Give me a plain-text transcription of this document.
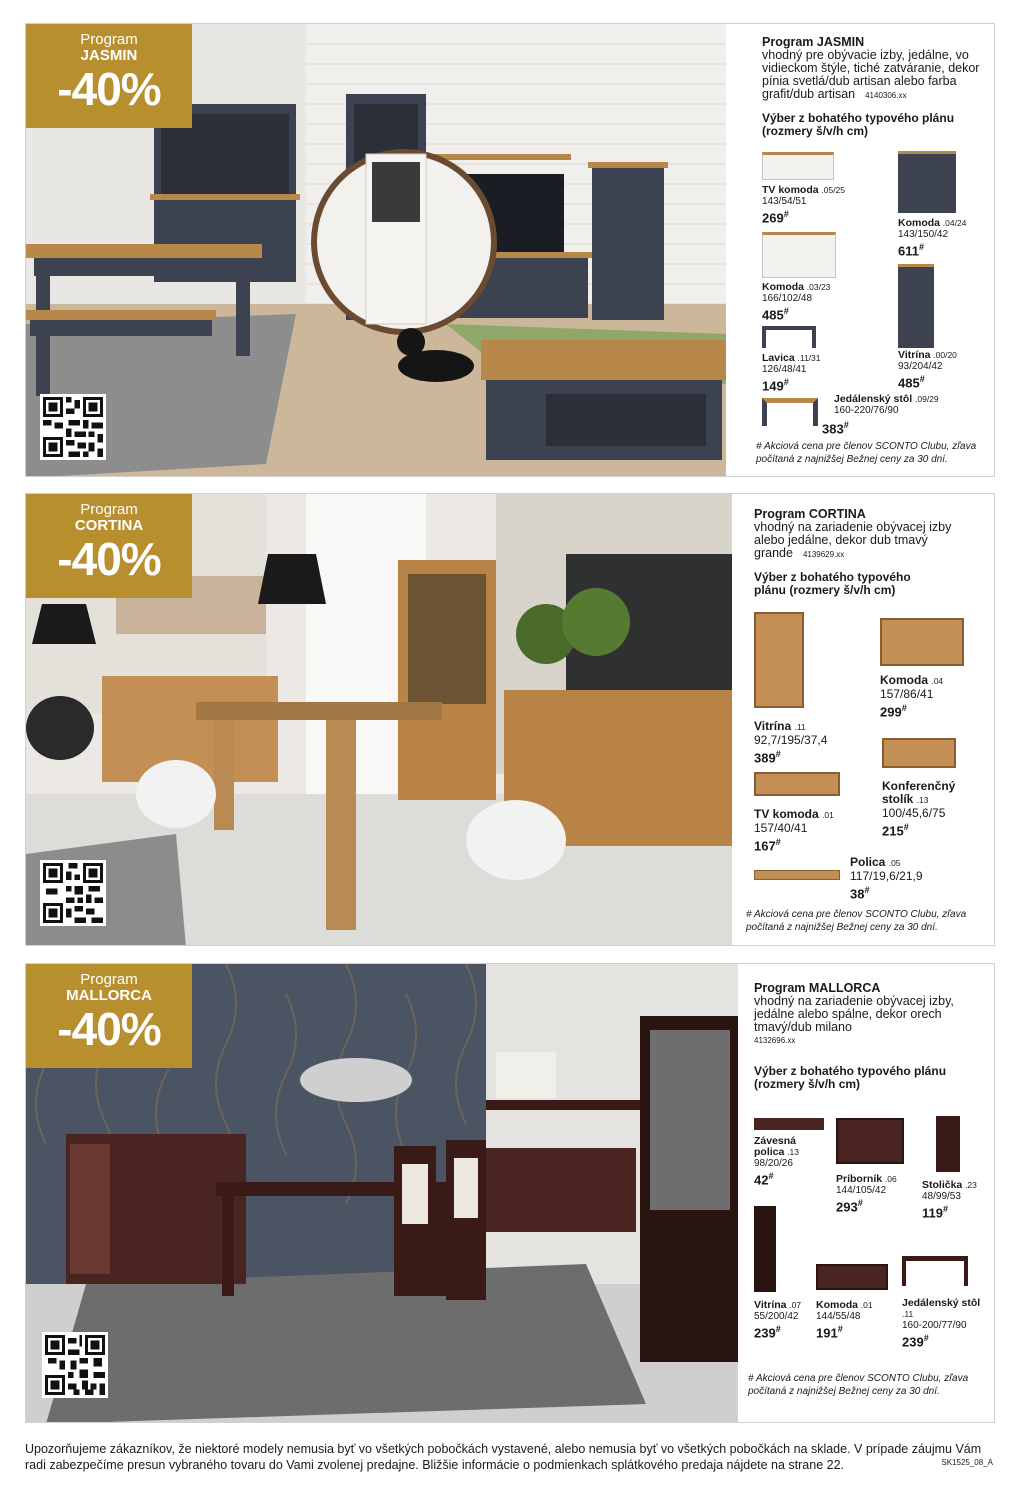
Program
JASMIN
-40%
Program JASMIN
vhodný pre obývacie izby, jedálne, vo vidieckom štýle, tiché zatváranie, dekor pínia svetlá/dub artisan alebo farba grafit/dub artisan 4140306.xx
Výber z bohatého typového plánu (rozmery š/v/h cm)
TV komoda .05/25
143/54/51
269#
Komoda .04/24
143/150/42
611#
Komoda .03/23
166/102/48
485#
Lavica .11/31
126/48/41
149#
Vitrína .00/20
93/204/42
485#
Jedálenský stôl .09/29
160-220/76/90
383#
# Akciová cena pre členov SCONTO Clubu, zľava počítaná z najnižšej Bežnej ceny za 30 dní.
Program
CORTINA
-40%
Program CORTINA
vhodný na zariadenie obývacej izby alebo jedálne, dekor dub tmavý grande 4139629.xx
Výber z bohatého typového plánu (rozmery š/v/h cm)
Komoda .04
157/86/41
299#
Vitrína .11
92,7/195/37,4
389#
Konferenčný stolík .13
100/45,6/75
215#
TV komoda .01
157/40/41
167#
Polica .05
117/19,6/21,9
38#
# Akciová cena pre členov SCONTO Clubu, zľava počítaná z najnižšej Bežnej ceny za 30 dní.
Program
MALLORCA
-40%
Program MALLORCA
vhodný na zariadenie obývacej izby, jedálne alebo spálne, dekor orech tmavý/dub milano
4132696.xx
Výber z bohatého typového plánu (rozmery š/v/h cm)
Závesná polica .13
98/20/26
42#	Príborník .06
144/105/42
293#
Stolička .23
48/99/53
119#
Vitrína .07
55/200/42
239#
Komoda .01
144/55/48
191#
Jedálenský stôl .11
160-200/77/90
239#
# Akciová cena pre členov SCONTO Clubu, zľava počítaná z najnižšej Bežnej ceny za 30 dní.
Upozorňujeme zákazníkov, že niektoré modely nemusia byť vo všetkých pobočkách vystavené, alebo nemusia byť vo všetkých pobočkách na sklade. V prípade záujmu Vám radi zabezpečíme presun vybraného tovaru do Vami zvolenej predajne. Bližšie informácie o podmienkach splátkového predaja nájdete na strane 22.	SK1525_08_A
